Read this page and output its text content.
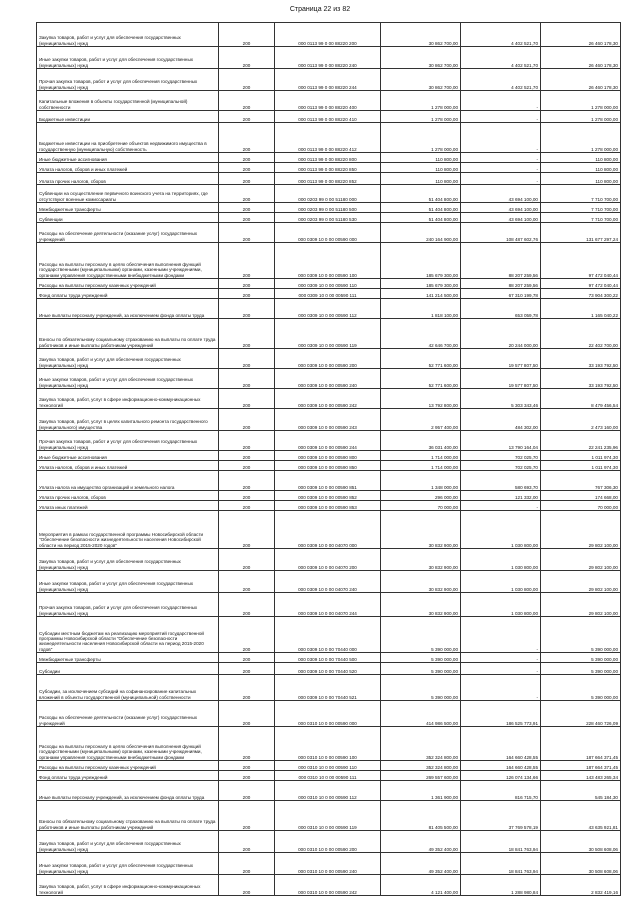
Страница 22 из 82
Закупка товаров, работ и услуг для обеспечения государственных (муниципальных) нужд	200	000 0113 99 0 00 88220 200	30 862 700,00	4 402 521,70	26 460 178,30
Иные закупки товаров, работ и услуг для обеспечения государственных (муниципальных) нужд	200	000 0113 99 0 00 88220 240	30 862 700,00	4 402 521,70	26 460 178,30
Прочая закупка товаров, работ и услуг для обеспечения государственных (муниципальных) нужд	200	000 0113 99 0 00 88220 244	30 862 700,00	4 402 521,70	26 460 178,30
Капитальные вложения в объекты государственной (муниципальной) собственности	200	000 0113 99 0 00 88220 400	1 278 000,00	-	1 278 000,00
Бюджетные инвестиции	200	000 0113 99 0 00 88220 410	1 278 000,00	-	1 278 000,00
Бюджетные инвестиции на приобретение объектов недвижимого имущества в государственную (муниципальную) собственность	200	000 0113 99 0 00 88220 412	1 278 000,00	-	1 278 000,00
Иные бюджетные ассигнования	200	000 0113 99 0 00 88220 800	110 800,00	-	110 800,00
Уплата налогов, сборов и иных платежей	200	000 0113 99 0 00 88220 850	110 800,00	-	110 800,00
Уплата прочих налогов, сборов	200	000 0113 99 0 00 88220 852	110 800,00	-	110 800,00
Субвенции на осуществление первичного воинского учета на территориях, где отсутствуют военные комиссариаты	200	000 0203 99 0 00 51180 000	51 404 800,00	43 694 100,00	7 710 700,00
Межбюджетные трансферты	200	000 0203 99 0 00 51180 500	51 404 800,00	43 694 100,00	7 710 700,00
Субвенции	200	000 0203 99 0 00 51180 530	51 404 800,00	43 694 100,00	7 710 700,00
Расходы на обеспечение деятельности (оказание услуг) государственных учреждений	200	000 0309 10 0 00 00590 000	240 164 900,00	108 487 602,76	131 677 297,24
Расходы на выплаты персоналу в целях обеспечения выполнения функций государственными (муниципальными) органами, казенными учреждениями, органами управления государственными внебюджетными фондами	200	000 0309 10 0 00 00590 100	185 679 300,00	88 207 259,56	97 472 040,44
Расходы на выплаты персоналу казенных учреждений	200	000 0309 10 0 00 00590 110	185 679 300,00	88 207 259,56	97 472 040,44
Фонд оплаты труда учреждений	200	000 0309 10 0 00 00590 111	141 214 500,00	67 310 199,78	73 904 300,22
Иные выплаты персоналу учреждений, за исключением фонда оплаты труда	200	000 0309 10 0 00 00590 112	1 818 100,00	653 059,78	1 165 040,22
Взносы по обязательному социальному страхованию на выплаты по оплате труда работников и иные выплаты работникам учреждений	200	000 0309 10 0 00 00590 119	42 646 700,00	20 244 000,00	22 402 700,00
Закупка товаров, работ и услуг для обеспечения государственных (муниципальных) нужд	200	000 0309 10 0 00 00590 200	52 771 600,00	19 577 807,50	33 193 792,50
Иные закупки товаров, работ и услуг для обеспечения государственных (муниципальных) нужд	200	000 0309 10 0 00 00590 240	52 771 600,00	19 577 807,50	33 193 792,50
Закупка товаров, работ, услуг в сфере информационно-коммуникационных технологий	200	000 0309 10 0 00 00590 242	13 792 800,00	5 303 343,46	8 479 456,54
Закупка товаров, работ, услуг в целях капитального ремонта государственного (муниципального) имущества	200	000 0309 10 0 00 00590 243	2 957 400,00	484 302,00	2 473 160,00
Прочая закупка товаров, работ и услуг для обеспечения государственных (муниципальных) нужд	200	000 0309 10 0 00 00590 244	36 031 400,00	13 790 164,04	22 241 235,96
Иные бюджетные ассигнования	200	000 0309 10 0 00 00590 800	1 714 000,00	702 025,70	1 011 974,30
Уплата налогов, сборов и иных платежей	200	000 0309 10 0 00 00590 850	1 714 000,00	702 025,70	1 011 974,30
Уплата налога на имущество организаций и земельного налога	200	000 0309 10 0 00 00590 851	1 348 000,00	580 693,70	767 306,30
Уплата прочих налогов, сборов	200	000 0309 10 0 00 00590 852	296 000,00	121 332,00	174 668,00
Уплата иных платежей	200	000 0309 10 0 00 00590 853	70 000,00	-	70 000,00
Мероприятия в рамках государственной программы Новосибирской области "Обеспечение безопасности жизнедеятельности населения Новосибирской области на период 2015-2020 годов"	200	000 0309 10 0 00 04070 000	30 832 900,00	1 030 800,00	29 802 100,00
Закупка товаров, работ и услуг для обеспечения государственных (муниципальных) нужд	200	000 0309 10 0 00 04070 200	30 832 900,00	1 030 800,00	29 802 100,00
Иные закупки товаров, работ и услуг для обеспечения государственных (муниципальных) нужд	200	000 0309 10 0 00 04070 240	30 832 900,00	1 030 800,00	29 802 100,00
Прочая закупка товаров, работ и услуг для обеспечения государственных (муниципальных) нужд	200	000 0309 10 0 00 04070 244	30 832 900,00	1 030 800,00	29 802 100,00
Субсидии местным бюджетам на реализацию мероприятий государственной программы Новосибирской области "Обеспечение безопасности жизнедеятельности населения Новосибирской области на период 2015-2020 годов"	200	000 0309 10 0 00 70440 000	5 390 000,00	-	5 390 000,00
Межбюджетные трансферты	200	000 0309 10 0 00 70440 500	5 390 000,00	-	5 390 000,00
Субсидии	200	000 0309 10 0 00 70440 520	5 390 000,00	-	5 390 000,00
Субсидии, за исключением субсидий на софинансирование капитальных вложений в объекты государственной (муниципальной) собственности	200	000 0309 10 0 00 70440 521	5 390 000,00	-	5 390 000,00
Расходы на обеспечение деятельности (оказание услуг) государственных учреждений	200	000 0310 10 0 00 00590 000	414 986 500,00	186 525 773,91	228 460 726,09
Расходы на выплаты персоналу в целях обеспечения выполнения функций государственными (муниципальными) органами, казенными учреждениями, органами управления государственными внебюджетными фондами	200	000 0310 10 0 00 00590 100	352 324 800,00	164 660 428,55	187 664 371,45
Расходы на выплаты персоналу казенных учреждений	200	000 0310 10 0 00 00590 110	352 324 800,00	164 660 428,55	187 664 371,45
Фонд оплаты труда учреждений	200	000 0310 10 0 00 00590 111	269 557 600,00	126 074 134,66	143 483 265,34
Иные выплаты персоналу учреждений, за исключением фонда оплаты труда	200	000 0310 10 0 00 00590 112	1 361 900,00	816 715,70	545 184,30
Взносы по обязательному социальному страхованию на выплаты по оплате труда работников и иные выплаты работникам учреждений	200	000 0310 10 0 00 00590 119	81 405 500,00	37 769 578,19	43 635 921,81
Закупка товаров, работ и услуг для обеспечения государственных (муниципальных) нужд	200	000 0310 10 0 00 00590 200	49 352 400,00	18 841 763,94	30 508 608,06
Иные закупки товаров, работ и услуг для обеспечения государственных (муниципальных) нужд	200	000 0310 10 0 00 00590 240	49 352 400,00	18 841 763,94	30 508 608,06
Закупка товаров, работ, услуг в сфере информационно-коммуникационных технологий	200	000 0310 10 0 00 00590 242	4 121 400,00	1 288 980,84	2 832 419,16
